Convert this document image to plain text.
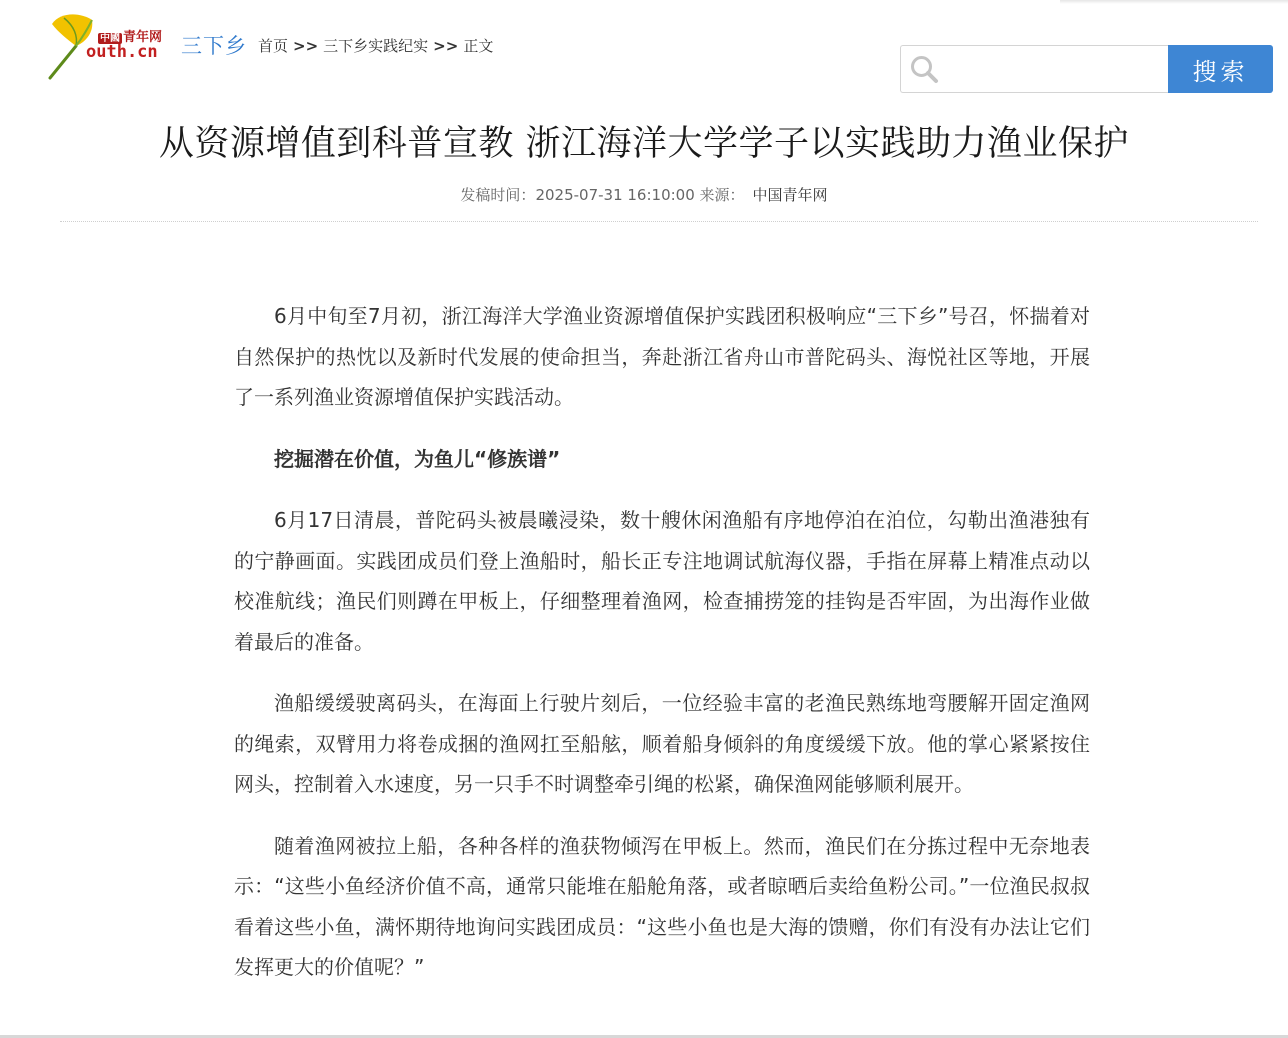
中國 青年网
outh.cn 三下乡 首页 >> 三下乡实践纪实 >> 正文
搜索
从资源增值到科普宣教 浙江海洋大学学子以实践助力渔业保护
发稿时间：2025-07-31 16:10:00 来源： 中国青年网

6月中旬至7月初，浙江海洋大学渔业资源增值保护实践团积极响应“三下乡”号召，怀揣着对自然保护的热忱以及新时代发展的使命担当，奔赴浙江省舟山市普陀码头、海悦社区等地，开展了一系列渔业资源增值保护实践活动。

挖掘潜在价值，为鱼儿“修族谱”

6月17日清晨，普陀码头被晨曦浸染，数十艘休闲渔船有序地停泊在泊位，勾勒出渔港独有的宁静画面。实践团成员们登上渔船时，船长正专注地调试航海仪器，手指在屏幕上精准点动以校准航线；渔民们则蹲在甲板上，仔细整理着渔网，检查捕捞笼的挂钩是否牢固，为出海作业做着最后的准备。

渔船缓缓驶离码头，在海面上行驶片刻后，一位经验丰富的老渔民熟练地弯腰解开固定渔网的绳索，双臂用力将卷成捆的渔网扛至船舷，顺着船身倾斜的角度缓缓下放。他的掌心紧紧按住网头，控制着入水速度，另一只手不时调整牵引绳的松紧，确保渔网能够顺利展开。

随着渔网被拉上船，各种各样的渔获物倾泻在甲板上。然而，渔民们在分拣过程中无奈地表示：“这些小鱼经济价值不高，通常只能堆在船舱角落，或者晾晒后卖给鱼粉公司。”一位渔民叔叔看着这些小鱼，满怀期待地询问实践团成员：“这些小鱼也是大海的馈赠，你们有没有办法让它们发挥更大的价值呢？”
